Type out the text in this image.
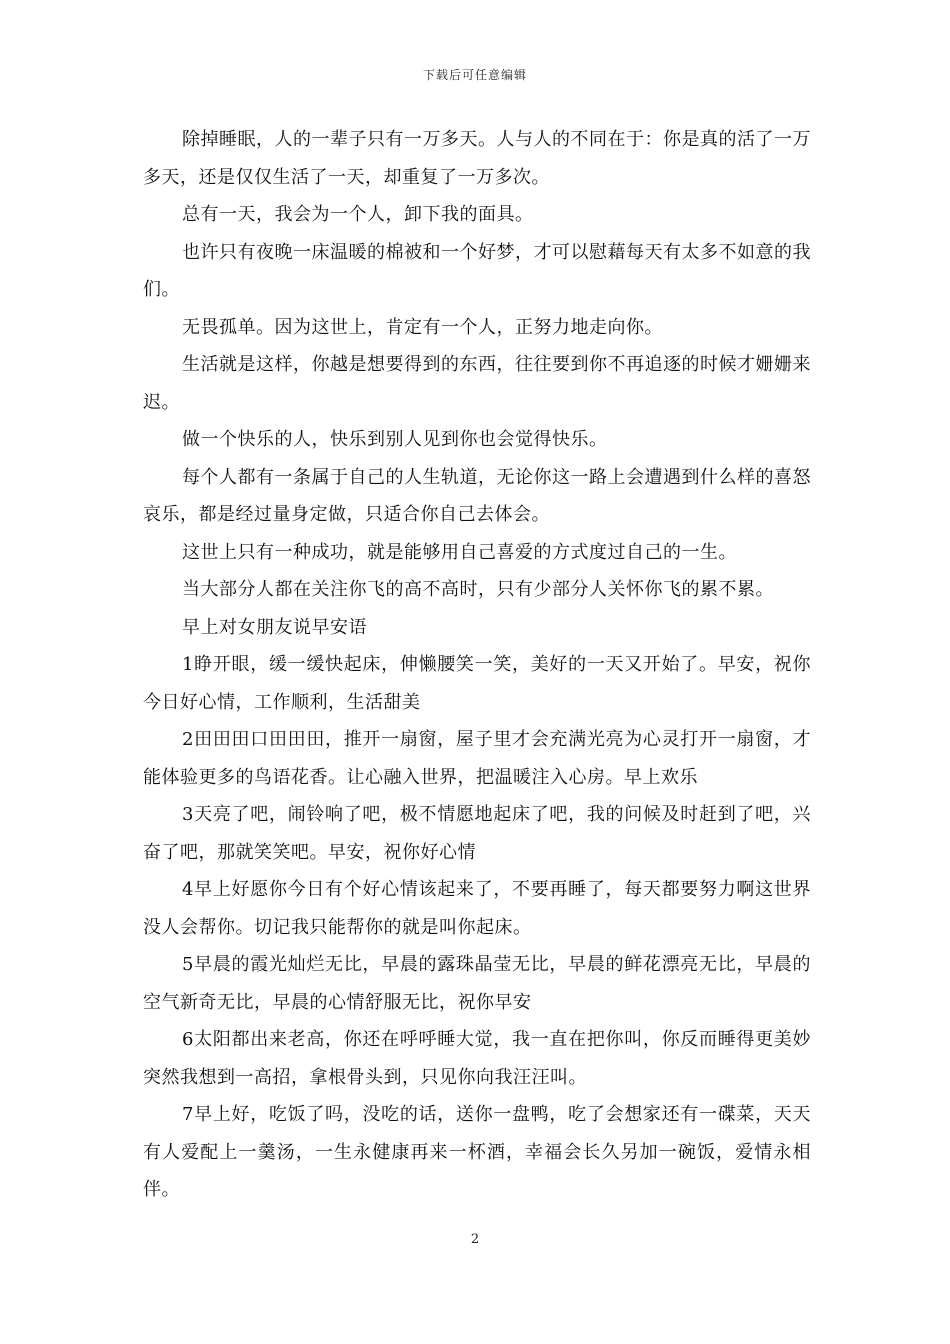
下载后可任意编辑

除掉睡眠，人的一辈子只有一万多天。人与人的不同在于：你是真的活了一万多天，还是仅仅生活了一天，却重复了一万多次。

总有一天，我会为一个人，卸下我的面具。

也许只有夜晚一床温暖的棉被和一个好梦，才可以慰藉每天有太多不如意的我们。

无畏孤单。因为这世上，肯定有一个人，正努力地走向你。

生活就是这样，你越是想要得到的东西，往往要到你不再追逐的时候才姗姗来迟。

做一个快乐的人，快乐到别人见到你也会觉得快乐。

每个人都有一条属于自己的人生轨道，无论你这一路上会遭遇到什么样的喜怒哀乐，都是经过量身定做，只适合你自己去体会。

这世上只有一种成功，就是能够用自己喜爱的方式度过自己的一生。

当大部分人都在关注你飞的高不高时，只有少部分人关怀你飞的累不累。

早上对女朋友说早安语

1睁开眼，缓一缓快起床，伸懒腰笑一笑，美好的一天又开始了。早安，祝你今日好心情，工作顺利，生活甜美

2田田田口田田田，推开一扇窗，屋子里才会充满光亮为心灵打开一扇窗，才能体验更多的鸟语花香。让心融入世界，把温暖注入心房。早上欢乐

3天亮了吧，闹铃响了吧，极不情愿地起床了吧，我的问候及时赶到了吧，兴奋了吧，那就笑笑吧。早安，祝你好心情

4早上好愿你今日有个好心情该起来了，不要再睡了，每天都要努力啊这世界没人会帮你。切记我只能帮你的就是叫你起床。

5早晨的霞光灿烂无比，早晨的露珠晶莹无比，早晨的鲜花漂亮无比，早晨的空气新奇无比，早晨的心情舒服无比，祝你早安

6太阳都出来老高，你还在呼呼睡大觉，我一直在把你叫，你反而睡得更美妙突然我想到一高招，拿根骨头到，只见你向我汪汪叫。

7早上好，吃饭了吗，没吃的话，送你一盘鸭，吃了会想家还有一碟菜，天天有人爱配上一羹汤，一生永健康再来一杯酒，幸福会长久另加一碗饭，爱情永相伴。

2
